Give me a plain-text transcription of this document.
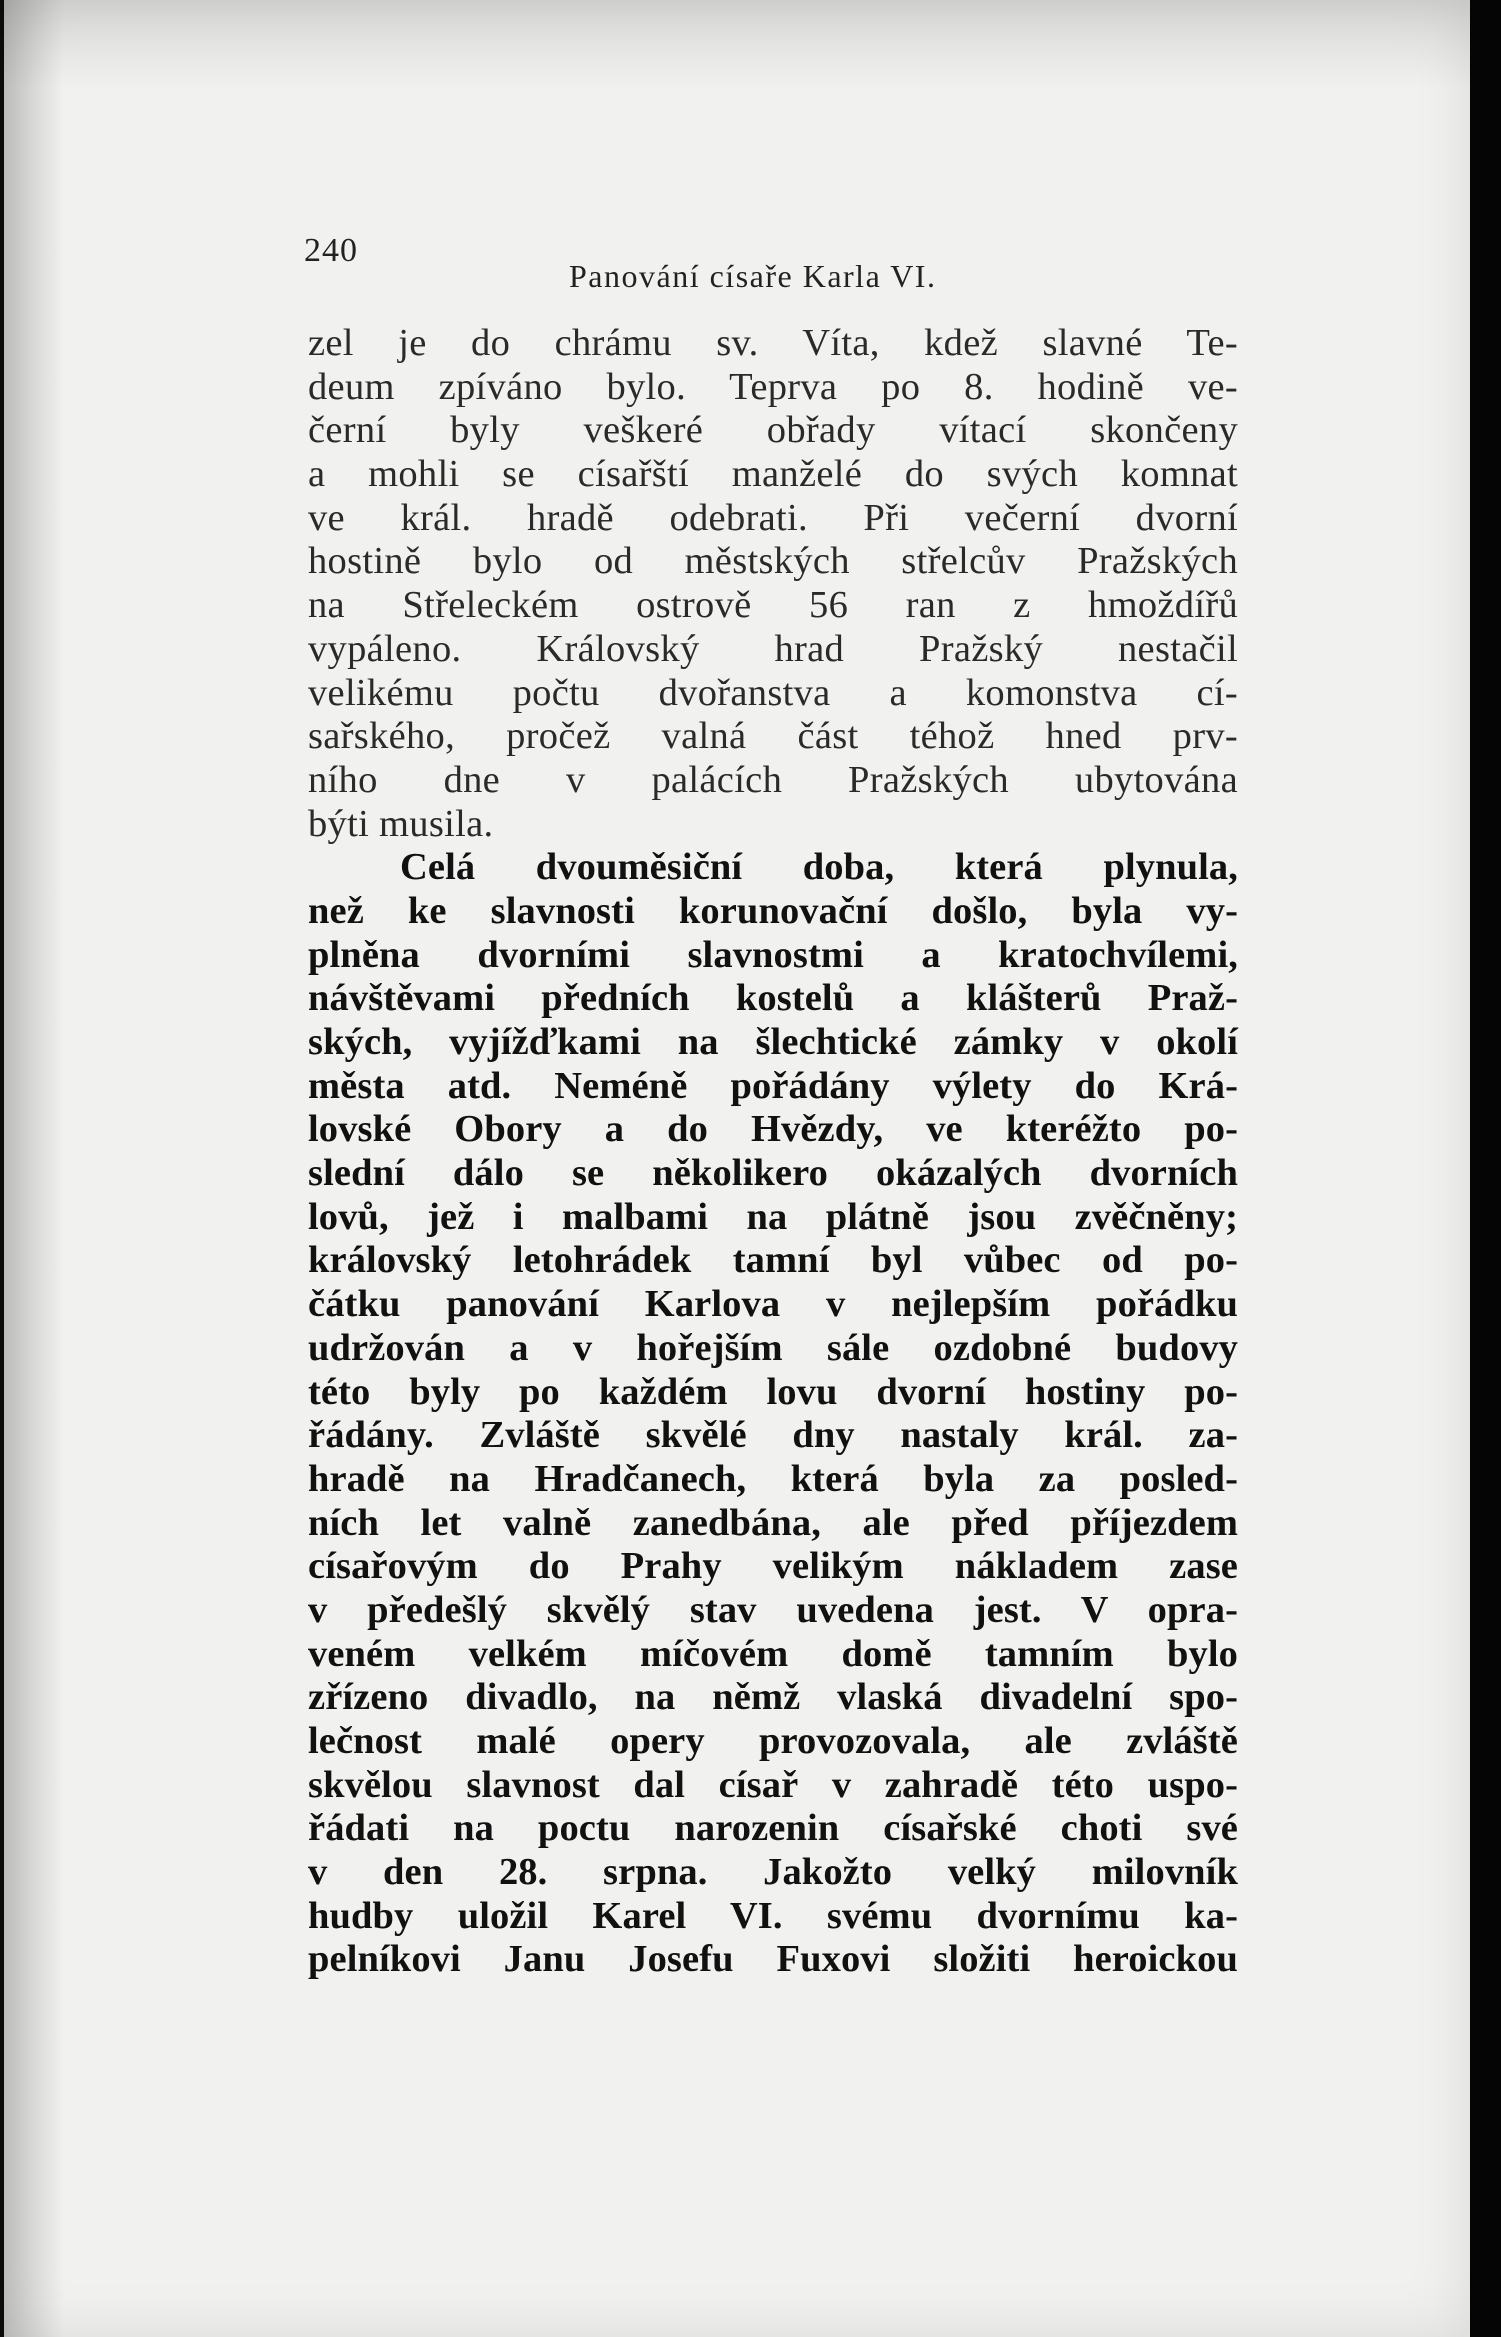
240
Panování císaře Karla VI.
zel je do chrámu sv. Víta, kdež slavné Te-
deum zpíváno bylo. Teprva po 8. hodině ve-
černí byly veškeré obřady vítací skončeny
a mohli se císařští manželé do svých komnat
ve král. hradě odebrati. Při večerní dvorní
hostině bylo od městských střelcův Pražských
na Střeleckém ostrově 56 ran z hmoždířů
vypáleno. Královský hrad Pražský nestačil
velikému počtu dvořanstva a komonstva cí-
sařského, pročež valná část téhož hned prv-
ního dne v palácích Pražských ubytována
býti musila.
Celá dvouměsiční doba, která plynula,
než ke slavnosti korunovační došlo, byla vy-
plněna dvorními slavnostmi a kratochvílemi,
návštěvami předních kostelů a klášterů Praž-
ských, vyjížďkami na šlechtické zámky v okolí
města atd. Neméně pořádány výlety do Krá-
lovské Obory a do Hvězdy, ve kteréžto po-
slední dálo se několikero okázalých dvorních
lovů, jež i malbami na plátně jsou zvěčněny;
královský letohrádek tamní byl vůbec od po-
čátku panování Karlova v nejlepším pořádku
udržován a v hořejším sále ozdobné budovy
této byly po každém lovu dvorní hostiny po-
řádány. Zvláště skvělé dny nastaly král. za-
hradě na Hradčanech, která byla za posled-
ních let valně zanedbána, ale před příjezdem
císařovým do Prahy velikým nákladem zase
v předešlý skvělý stav uvedena jest. V opra-
veném velkém míčovém domě tamním bylo
zřízeno divadlo, na němž vlaská divadelní spo-
lečnost malé opery provozovala, ale zvláště
skvělou slavnost dal císař v zahradě této uspo-
řádati na poctu narozenin císařské choti své
v den 28. srpna. Jakožto velký milovník
hudby uložil Karel VI. svému dvornímu ka-
pelníkovi Janu Josefu Fuxovi složiti heroickou
